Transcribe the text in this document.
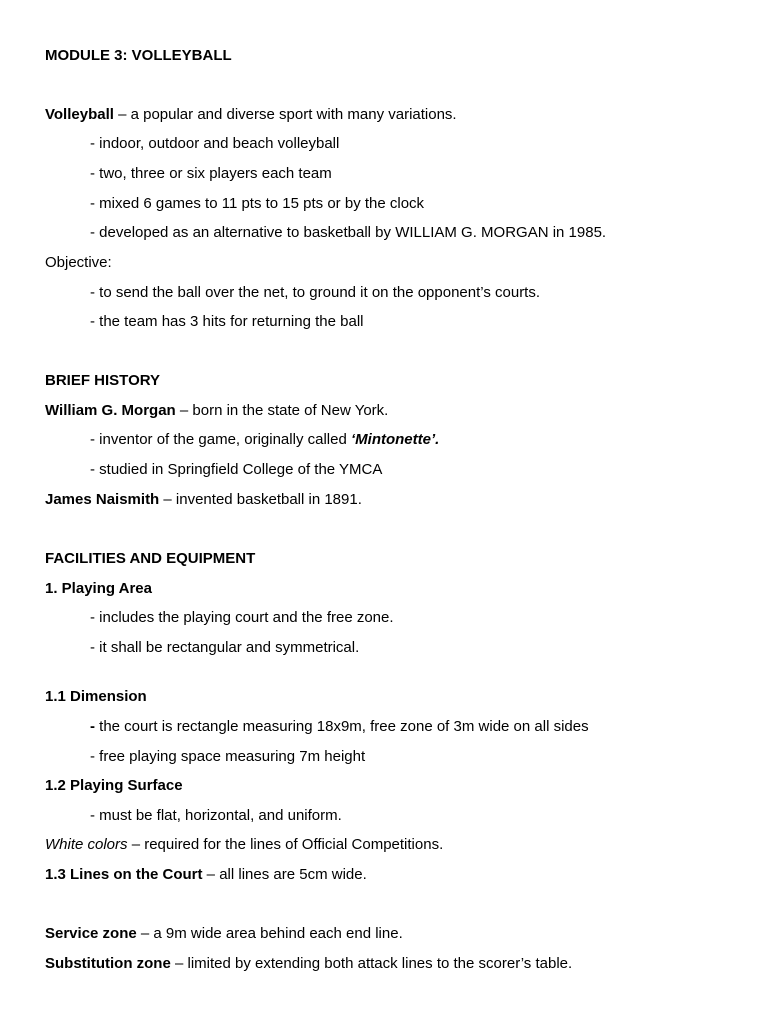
MODULE 3: VOLLEYBALL
Volleyball – a popular and diverse sport with many variations.
- indoor, outdoor and beach volleyball
- two, three or six players each team
- mixed 6 games to 11 pts to 15 pts or by the clock
- developed as an alternative to basketball by WILLIAM G. MORGAN in 1985.
Objective:
- to send the ball over the net, to ground it on the opponent’s courts.
- the team has 3 hits for returning the ball
BRIEF HISTORY
William G. Morgan – born in the state of New York.
- inventor of the game, originally called ‘Mintonette’.
- studied in Springfield College of the YMCA
James Naismith – invented basketball in 1891.
FACILITIES AND EQUIPMENT
1. Playing Area
- includes the playing court and the free zone.
- it shall be rectangular and symmetrical.
1.1 Dimension
- the court is rectangle measuring 18x9m, free zone of 3m wide on all sides
- free playing space measuring 7m height
1.2 Playing Surface
- must be flat, horizontal, and uniform.
White colors – required for the lines of Official Competitions.
1.3 Lines on the Court – all lines are 5cm wide.
Service zone – a 9m wide area behind each end line.
Substitution zone – limited by extending both attack lines to the scorer’s table.
